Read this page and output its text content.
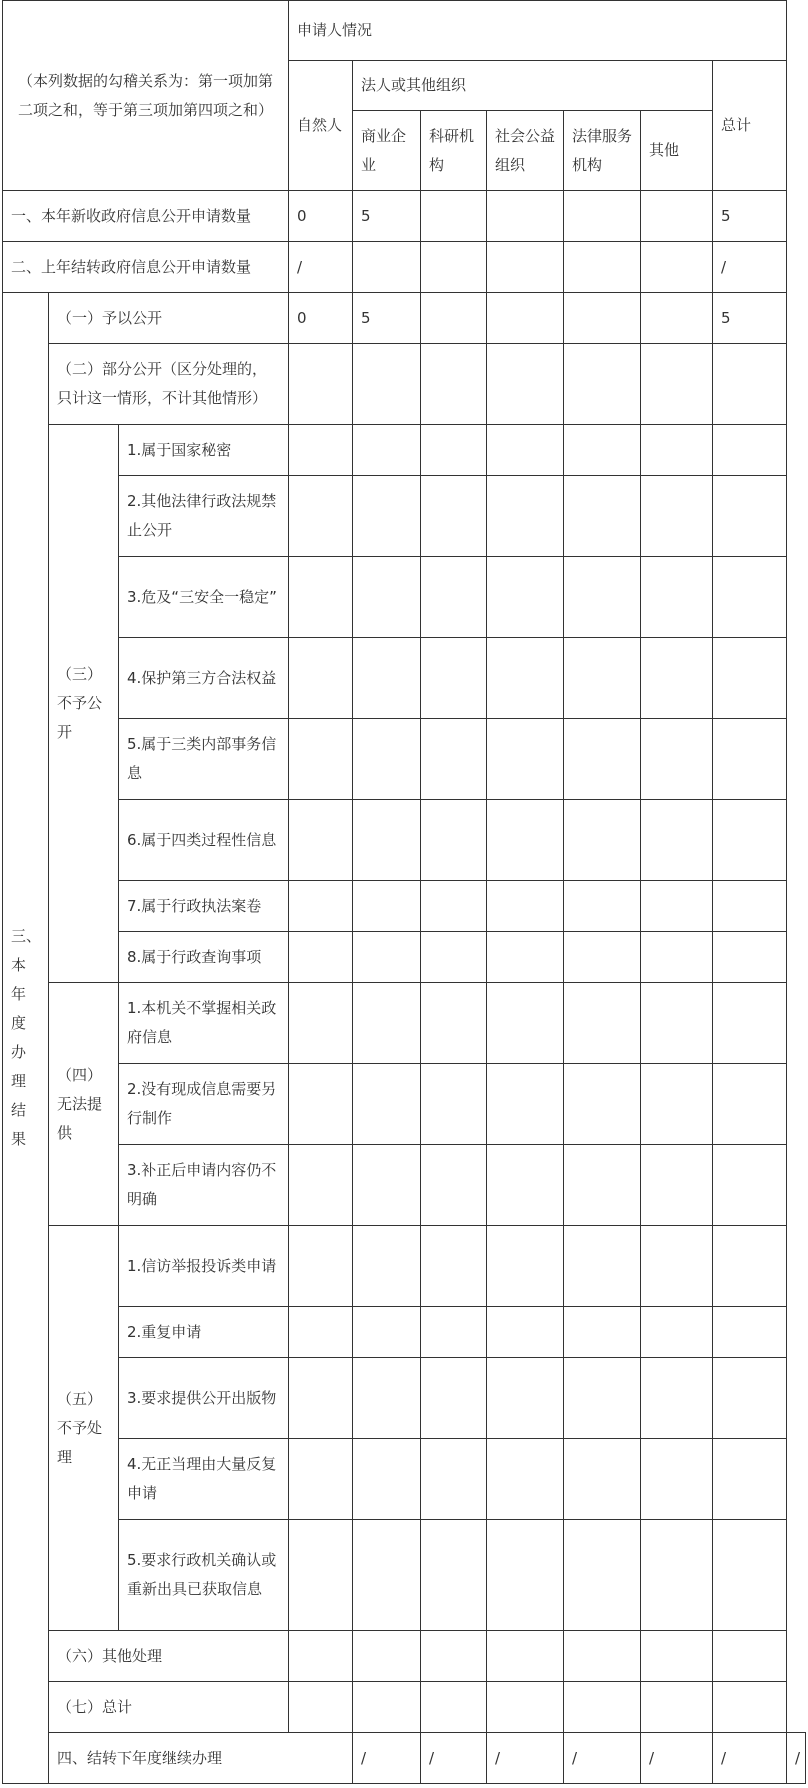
（本列数据的勾稽关系为：第一项加第二项之和，等于第三项加第四项之和）			申请人情况							
			自然人	法人或其他组织					总计	
				商业企业	科研机构	社会公益组织	法律服务机构	其他		
一、本年新收政府信息公开申请数量			0	5					5	
二、上年结转政府信息公开申请数量			/						/	
三、本年度办理结果	（一）予以公开		0	5					5	
	（二）部分公开（区分处理的，只计这一情形，不计其他情形）									
	（三）不予公开	1.属于国家秘密								
		2.其他法律行政法规禁止公开								
		3.危及“三安全一稳定”								
		4.保护第三方合法权益								
		5.属于三类内部事务信息								
		6.属于四类过程性信息								
		7.属于行政执法案卷								
		8.属于行政查询事项								
	（四）无法提供	1.本机关不掌握相关政府信息								
		2.没有现成信息需要另行制作								
		3.补正后申请内容仍不明确								
	（五）不予处理	1.信访举报投诉类申请								
		2.重复申请								
		3.要求提供公开出版物								
		4.无正当理由大量反复申请								
		5.要求行政机关确认或重新出具已获取信息								
	（六）其他处理									
	（七）总计									
	四、结转下年度继续办理			/	/	/	/	/	/	/
